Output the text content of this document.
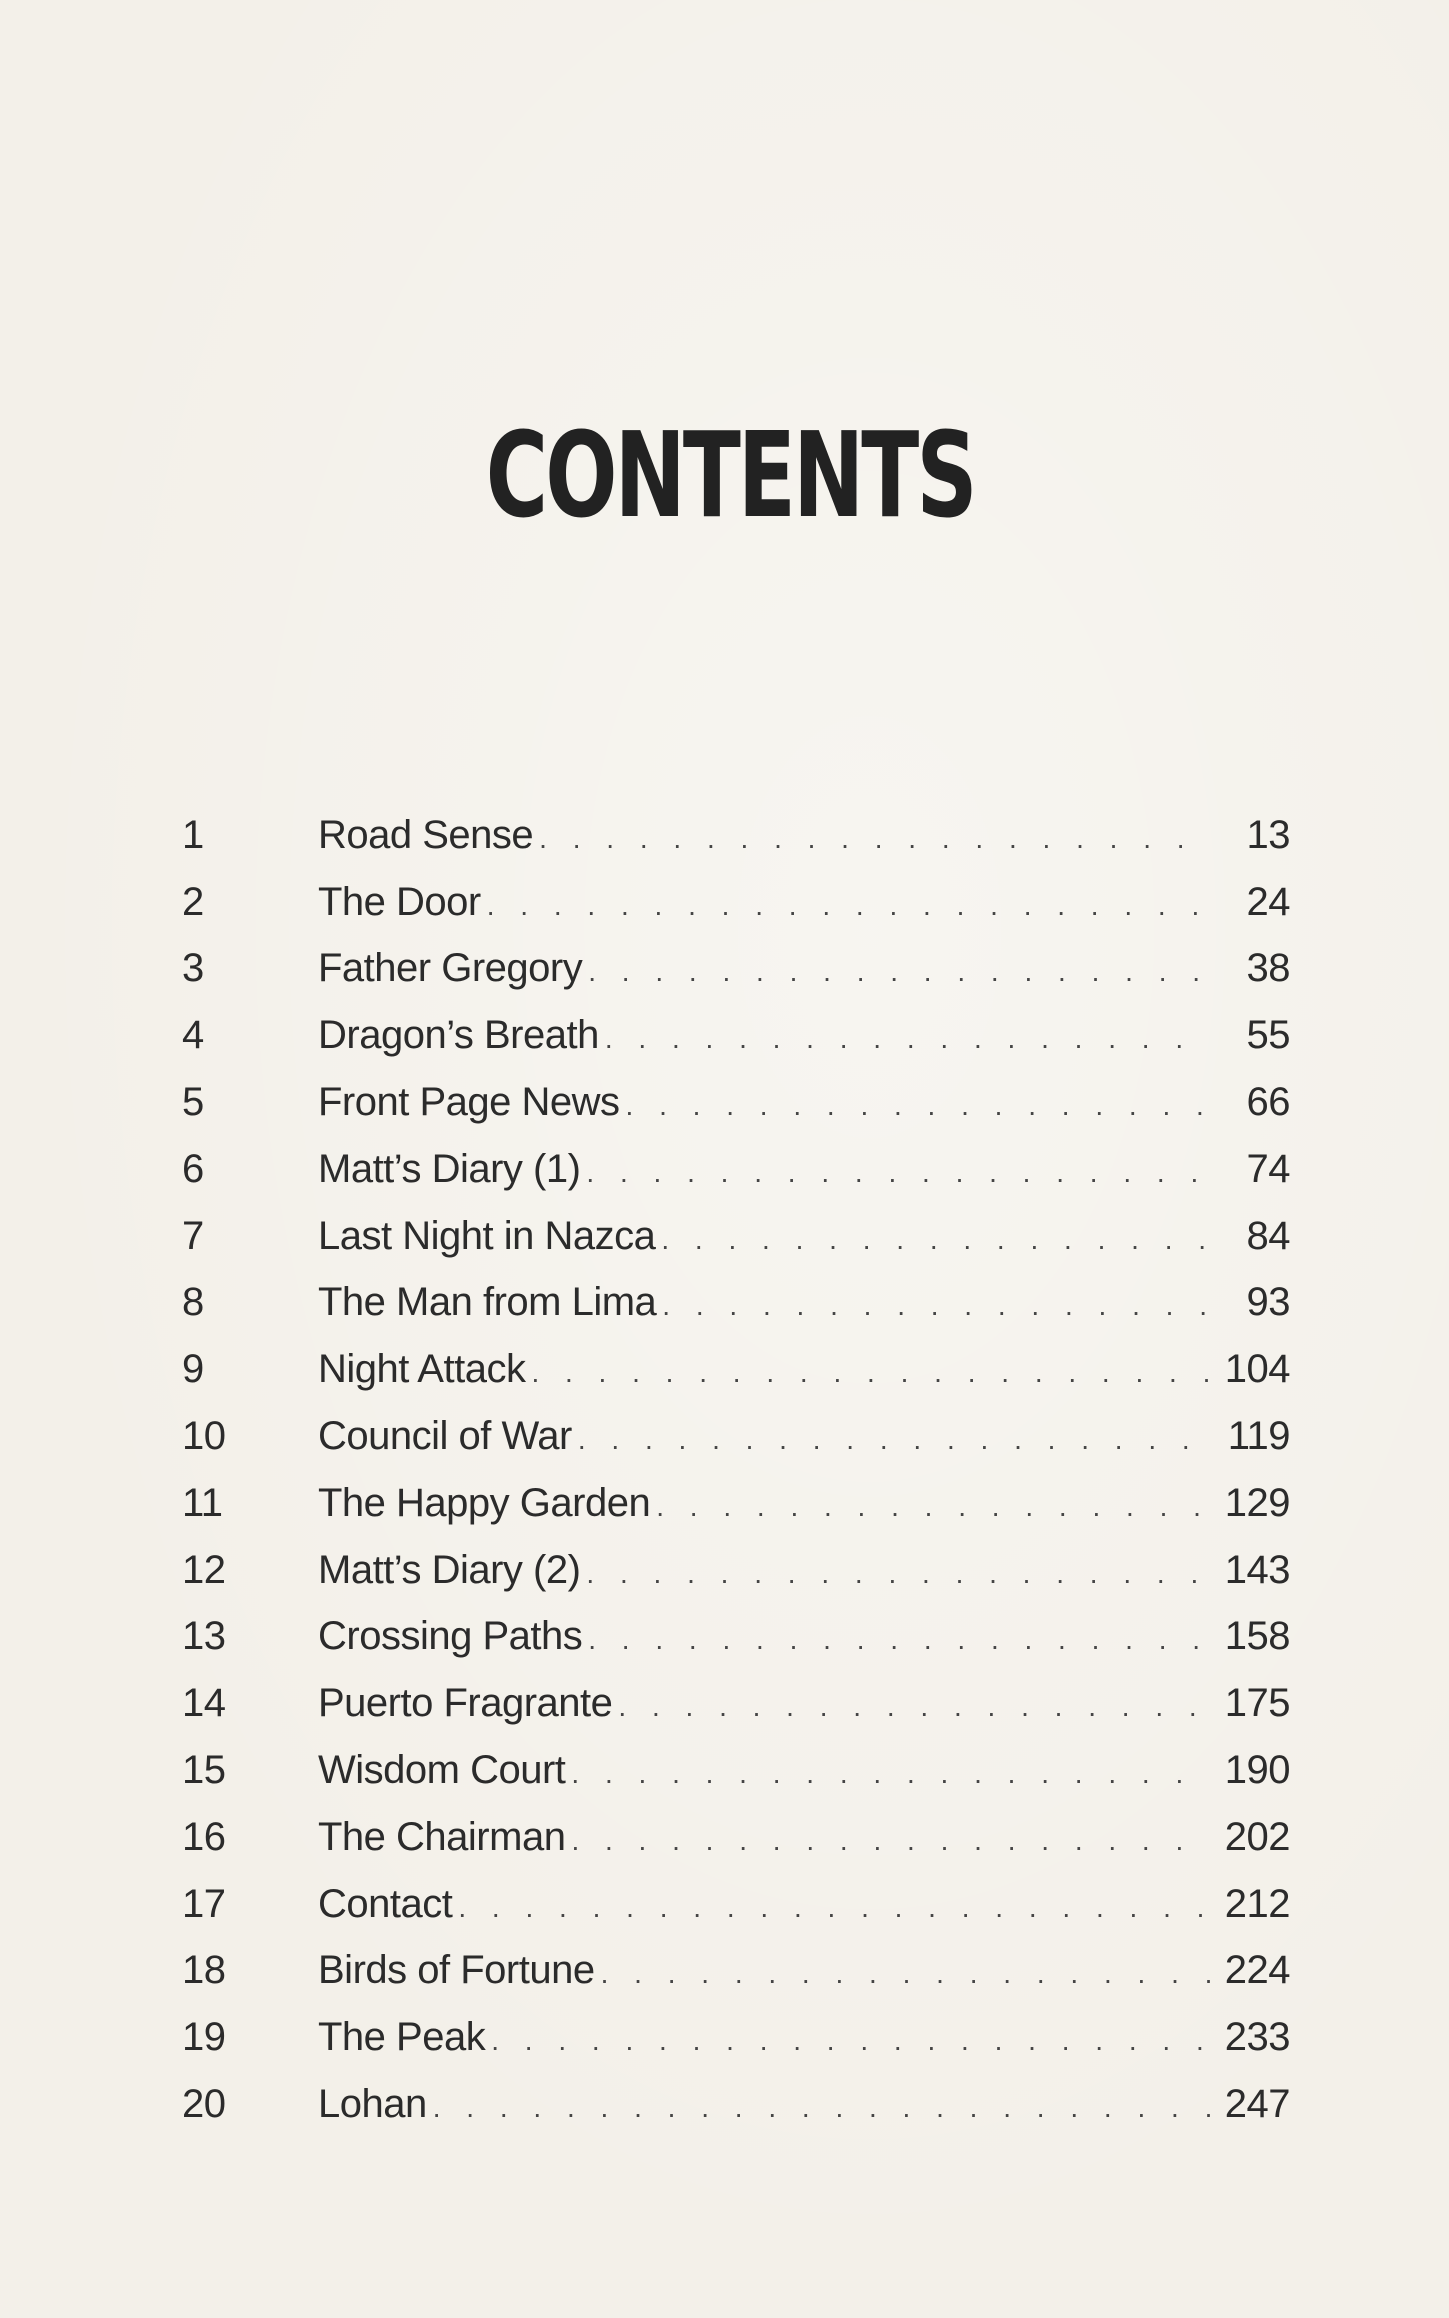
CONTENTS
1	Road Sense . . .	13
2	The Door . . .	24
3	Father Gregory . . .	38
4	Dragon’s Breath . . .	55
5	Front Page News . . .	66
6	Matt’s Diary (1) . . .	74
7	Last Night in Nazca . . .	84
8	The Man from Lima . . .	93
9	Night Attack . . .	104
10	Council of War . . .	119
11	The Happy Garden . . .	129
12	Matt’s Diary (2) . . .	143
13	Crossing Paths . . .	158
14	Puerto Fragrante . . .	175
15	Wisdom Court . . .	190
16	The Chairman . . .	202
17	Contact . . .	212
18	Birds of Fortune . . .	224
19	The Peak . . .	233
20	Lohan . . .	247
